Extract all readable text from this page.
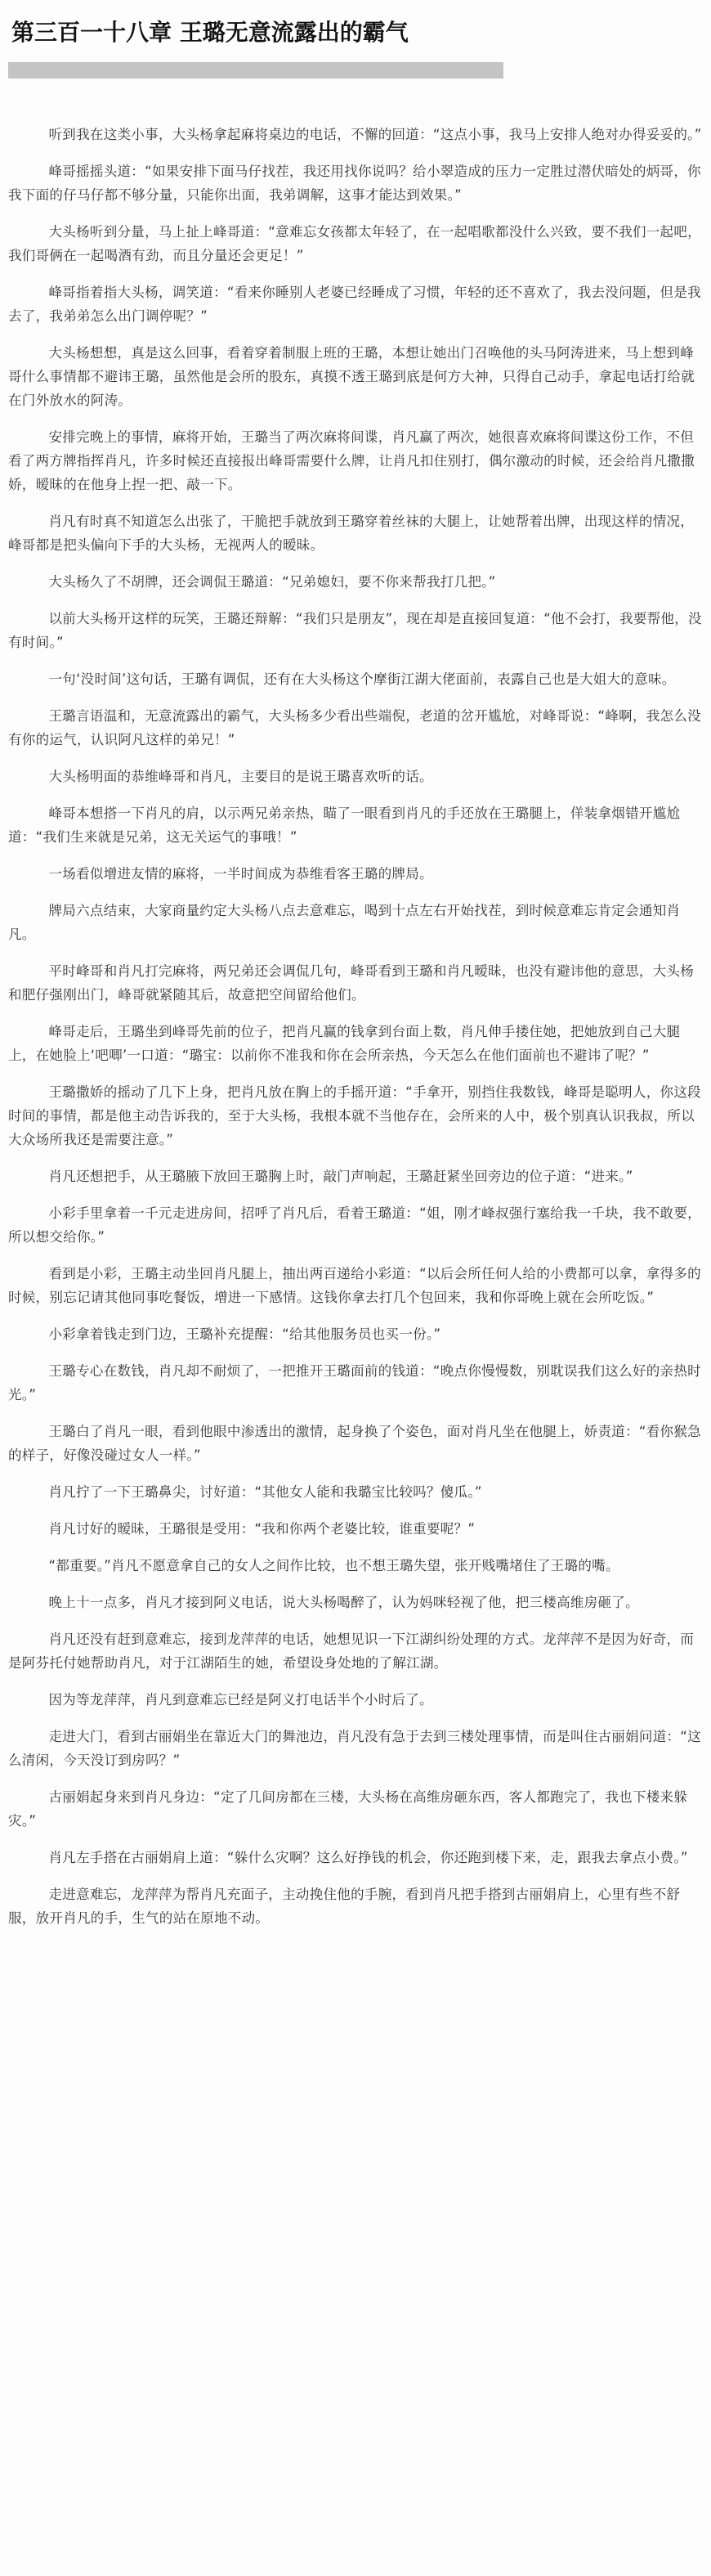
第三百一十八章 王璐无意流露出的霸气

听到我在这类小事，大头杨拿起麻将桌边的电话，不懈的回道：“这点小事，我马上安排人绝对办得妥妥的。”

峰哥摇摇头道：“如果安排下面马仔找茬，我还用找你说吗？给小翠造成的压力一定胜过潜伏暗处的炳哥，你我下面的仔马仔都不够分量，只能你出面，我弟调解，这事才能达到效果。”

大头杨听到分量，马上扯上峰哥道：“意难忘女孩都太年轻了，在一起唱歌都没什么兴致，要不我们一起吧，我们哥俩在一起喝酒有劲，而且分量还会更足！”

峰哥指着指大头杨，调笑道：“看来你睡别人老婆已经睡成了习惯，年轻的还不喜欢了，我去没问题，但是我去了，我弟弟怎么出门调停呢？”

大头杨想想，真是这么回事，看着穿着制服上班的王璐，本想让她出门召唤他的头马阿涛进来，马上想到峰哥什么事情都不避讳王璐，虽然他是会所的股东，真摸不透王璐到底是何方大神，只得自己动手，拿起电话打给就在门外放水的阿涛。

安排完晚上的事情，麻将开始，王璐当了两次麻将间谍，肖凡赢了两次，她很喜欢麻将间谍这份工作，不但看了两方牌指挥肖凡，许多时候还直接报出峰哥需要什么牌，让肖凡扣住别打，偶尔激动的时候，还会给肖凡撒撒娇，暧昧的在他身上捏一把、敲一下。

肖凡有时真不知道怎么出张了，干脆把手就放到王璐穿着丝袜的大腿上，让她帮着出牌，出现这样的情况，峰哥都是把头偏向下手的大头杨，无视两人的暧昧。

大头杨久了不胡牌，还会调侃王璐道：“兄弟媳妇，要不你来帮我打几把。”

以前大头杨开这样的玩笑，王璐还辩解：“我们只是朋友”，现在却是直接回复道：“他不会打，我要帮他，没有时间。”

一句‘没时间’这句话，王璐有调侃，还有在大头杨这个摩街江湖大佬面前，表露自己也是大姐大的意味。

王璐言语温和，无意流露出的霸气，大头杨多少看出些端倪，老道的岔开尴尬，对峰哥说：“峰啊，我怎么没有你的运气，认识阿凡这样的弟兄！”

大头杨明面的恭维峰哥和肖凡，主要目的是说王璐喜欢听的话。

峰哥本想搭一下肖凡的肩，以示两兄弟亲热，瞄了一眼看到肖凡的手还放在王璐腿上，佯装拿烟错开尴尬道：“我们生来就是兄弟，这无关运气的事哦！”

一场看似增进友情的麻将，一半时间成为恭维看客王璐的牌局。

牌局六点结束，大家商量约定大头杨八点去意难忘，喝到十点左右开始找茬，到时候意难忘肯定会通知肖凡。

平时峰哥和肖凡打完麻将，两兄弟还会调侃几句，峰哥看到王璐和肖凡暧昧，也没有避讳他的意思，大头杨和肥仔强刚出门，峰哥就紧随其后，故意把空间留给他们。

峰哥走后，王璐坐到峰哥先前的位子，把肖凡赢的钱拿到台面上数，肖凡伸手搂住她，把她放到自己大腿上，在她脸上‘吧唧’一口道：“璐宝：以前你不准我和你在会所亲热，今天怎么在他们面前也不避讳了呢？”

王璐撒娇的摇动了几下上身，把肖凡放在胸上的手摇开道：“手拿开，别挡住我数钱，峰哥是聪明人，你这段时间的事情，都是他主动告诉我的，至于大头杨，我根本就不当他存在，会所来的人中，极个别真认识我叔，所以大众场所我还是需要注意。”

肖凡还想把手，从王璐腋下放回王璐胸上时，敲门声响起，王璐赶紧坐回旁边的位子道：“进来。”

小彩手里拿着一千元走进房间，招呼了肖凡后，看着王璐道：“姐，刚才峰叔强行塞给我一千块，我不敢要，所以想交给你。”

看到是小彩，王璐主动坐回肖凡腿上，抽出两百递给小彩道：“以后会所任何人给的小费都可以拿，拿得多的时候，别忘记请其他同事吃餐饭，增进一下感情。这钱你拿去打几个包回来，我和你哥晚上就在会所吃饭。”

小彩拿着钱走到门边，王璐补充提醒：“给其他服务员也买一份。”

王璐专心在数钱，肖凡却不耐烦了，一把推开王璐面前的钱道：“晚点你慢慢数，别耽误我们这么好的亲热时光。”

王璐白了肖凡一眼，看到他眼中渗透出的激情，起身换了个姿色，面对肖凡坐在他腿上，娇责道：“看你猴急的样子，好像没碰过女人一样。”

肖凡拧了一下王璐鼻尖，讨好道：“其他女人能和我璐宝比较吗？傻瓜。”

肖凡讨好的暧昧，王璐很是受用：“我和你两个老婆比较，谁重要呢？”

“都重要。”肖凡不愿意拿自己的女人之间作比较，也不想王璐失望，张开贱嘴堵住了王璐的嘴。

晚上十一点多，肖凡才接到阿义电话，说大头杨喝醉了，认为妈咪轻视了他，把三楼高维房砸了。

肖凡还没有赶到意难忘，接到龙萍萍的电话，她想见识一下江湖纠纷处理的方式。龙萍萍不是因为好奇，而是阿芬托付她帮助肖凡，对于江湖陌生的她，希望设身处地的了解江湖。

因为等龙萍萍，肖凡到意难忘已经是阿义打电话半个小时后了。

走进大门，看到古丽娟坐在靠近大门的舞池边，肖凡没有急于去到三楼处理事情，而是叫住古丽娟问道：“这么清闲，今天没订到房吗？”

古丽娟起身来到肖凡身边：“定了几间房都在三楼，大头杨在高维房砸东西，客人都跑完了，我也下楼来躲灾。”

肖凡左手搭在古丽娟肩上道：“躲什么灾啊？这么好挣钱的机会，你还跑到楼下来，走，跟我去拿点小费。”

走进意难忘，龙萍萍为帮肖凡充面子，主动挽住他的手腕，看到肖凡把手搭到古丽娟肩上，心里有些不舒服，放开肖凡的手，生气的站在原地不动。
